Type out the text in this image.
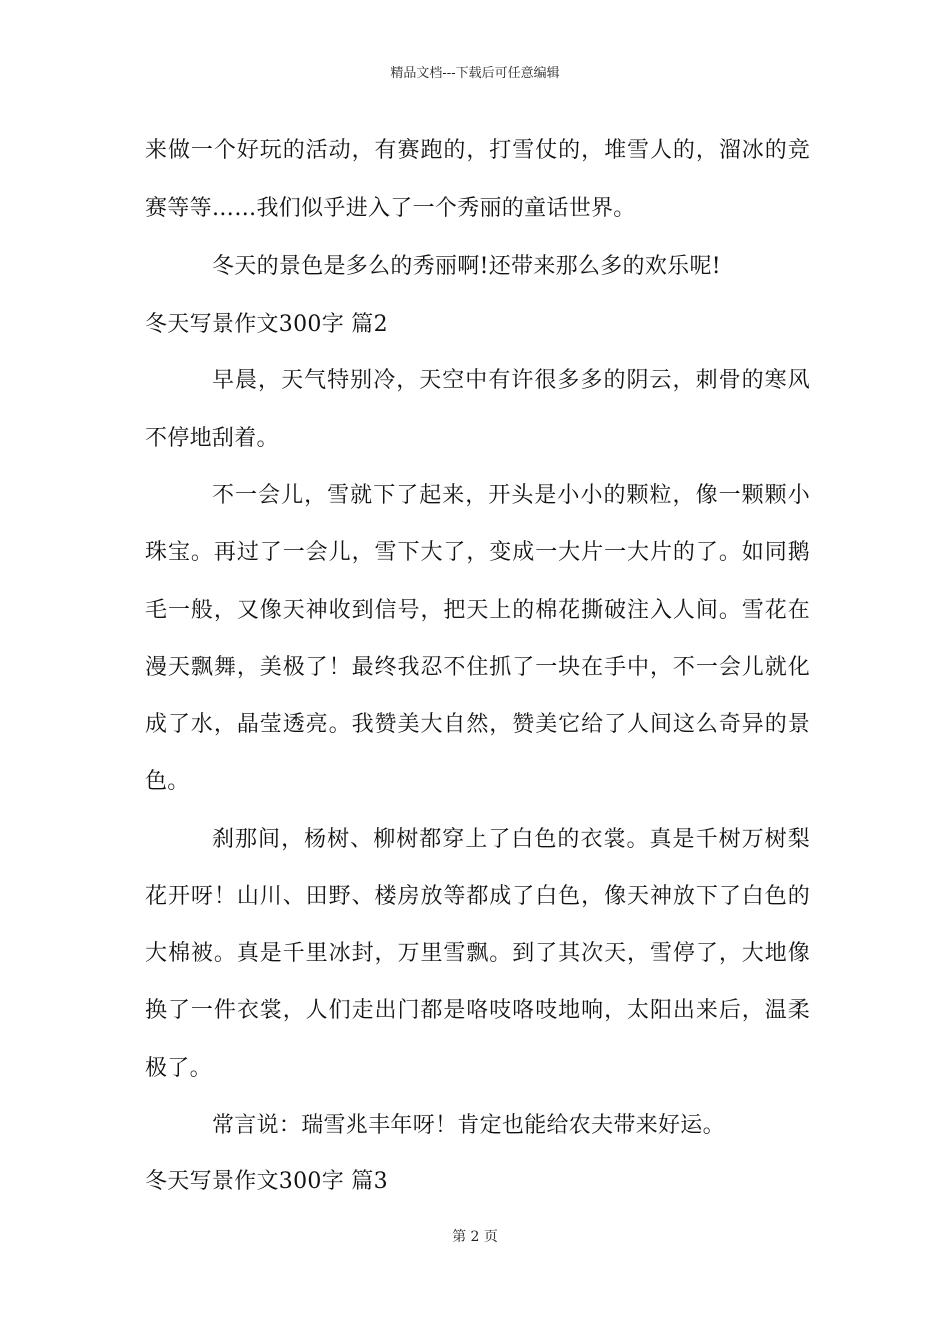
精品文档---下载后可任意编辑
来做一个好玩的活动，有赛跑的，打雪仗的，堆雪人的，溜冰的竞
赛等等……我们似乎进入了一个秀丽的童话世界。
冬天的景色是多么的秀丽啊!还带来那么多的欢乐呢!
冬天写景作文300字 篇2
早晨，天气特别冷，天空中有许很多多的阴云，刺骨的寒风
不停地刮着。
不一会儿，雪就下了起来，开头是小小的颗粒，像一颗颗小
珠宝。再过了一会儿，雪下大了，变成一大片一大片的了。如同鹅
毛一般，又像天神收到信号，把天上的棉花撕破注入人间。雪花在
漫天飘舞，美极了！最终我忍不住抓了一块在手中，不一会儿就化
成了水，晶莹透亮。我赞美大自然，赞美它给了人间这么奇异的景
色。
刹那间，杨树、柳树都穿上了白色的衣裳。真是千树万树梨
花开呀！山川、田野、楼房放等都成了白色，像天神放下了白色的
大棉被。真是千里冰封，万里雪飘。到了其次天，雪停了，大地像
换了一件衣裳，人们走出门都是咯吱咯吱地响，太阳出来后，温柔
极了。
常言说：瑞雪兆丰年呀！肯定也能给农夫带来好运。
冬天写景作文300字 篇3
第 2 页
